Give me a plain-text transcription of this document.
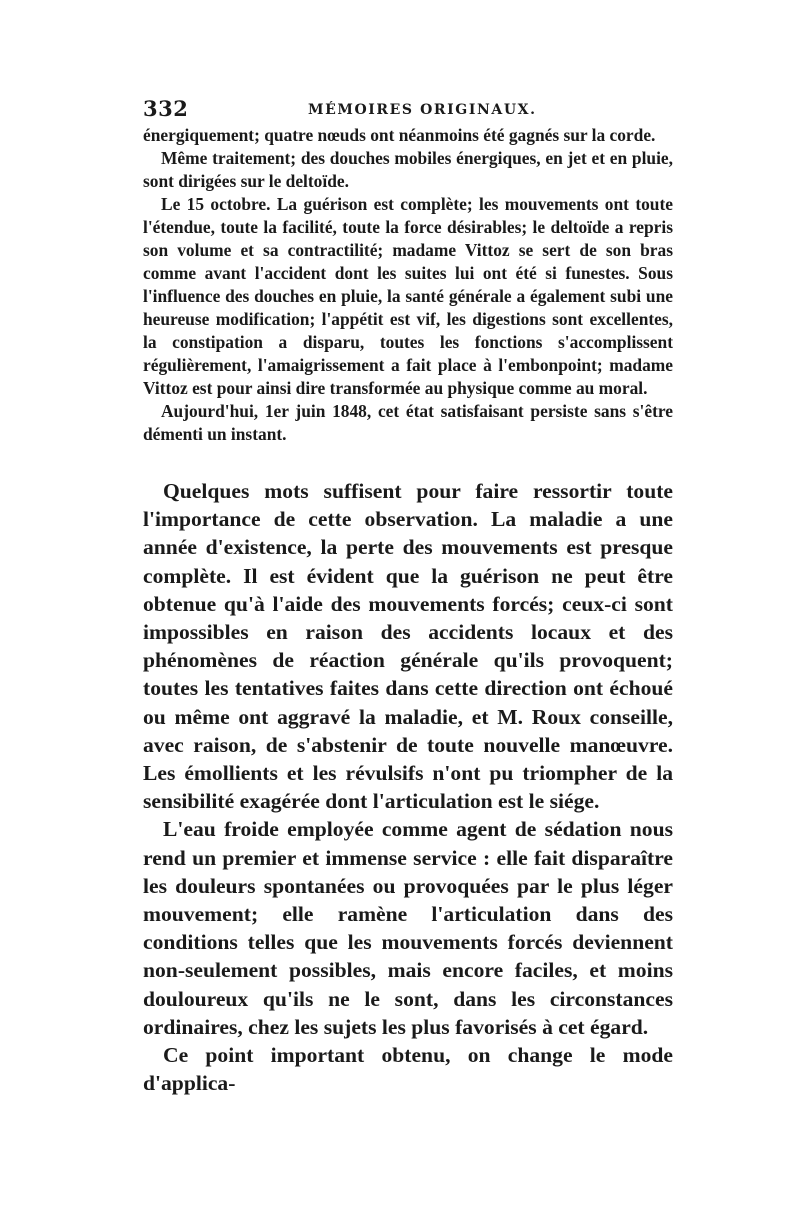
332	MÉMOIRES ORIGINAUX.

énergiquement; quatre nœuds ont néanmoins été gagnés sur la corde.

Même traitement; des douches mobiles énergiques, en jet et en pluie, sont dirigées sur le deltoïde.

Le 15 octobre. La guérison est complète; les mouvements ont toute l'étendue, toute la facilité, toute la force désirables; le deltoïde a repris son volume et sa contractilité; madame Vittoz se sert de son bras comme avant l'accident dont les suites lui ont été si funestes. Sous l'influence des douches en pluie, la santé générale a également subi une heureuse modification; l'appétit est vif, les digestions sont excellentes, la constipation a disparu, toutes les fonctions s'accomplissent régulièrement, l'amaigrissement a fait place à l'embonpoint; madame Vittoz est pour ainsi dire transformée au physique comme au moral.

Aujourd'hui, 1er juin 1848, cet état satisfaisant persiste sans s'être démenti un instant.

Quelques mots suffisent pour faire ressortir toute l'importance de cette observation. La maladie a une année d'existence, la perte des mouvements est presque complète. Il est évident que la guérison ne peut être obtenue qu'à l'aide des mouvements forcés; ceux-ci sont impossibles en raison des accidents locaux et des phénomènes de réaction générale qu'ils provoquent; toutes les tentatives faites dans cette direction ont échoué ou même ont aggravé la maladie, et M. Roux conseille, avec raison, de s'abstenir de toute nouvelle manœuvre. Les émollients et les révulsifs n'ont pu triompher de la sensibilité exagérée dont l'articulation est le siége.

L'eau froide employée comme agent de sédation nous rend un premier et immense service : elle fait disparaître les douleurs spontanées ou provoquées par le plus léger mouvement; elle ramène l'articulation dans des conditions telles que les mouvements forcés deviennent non-seulement possibles, mais encore faciles, et moins douloureux qu'ils ne le sont, dans les circonstances ordinaires, chez les sujets les plus favorisés à cet égard.

Ce point important obtenu, on change le mode d'applica-
